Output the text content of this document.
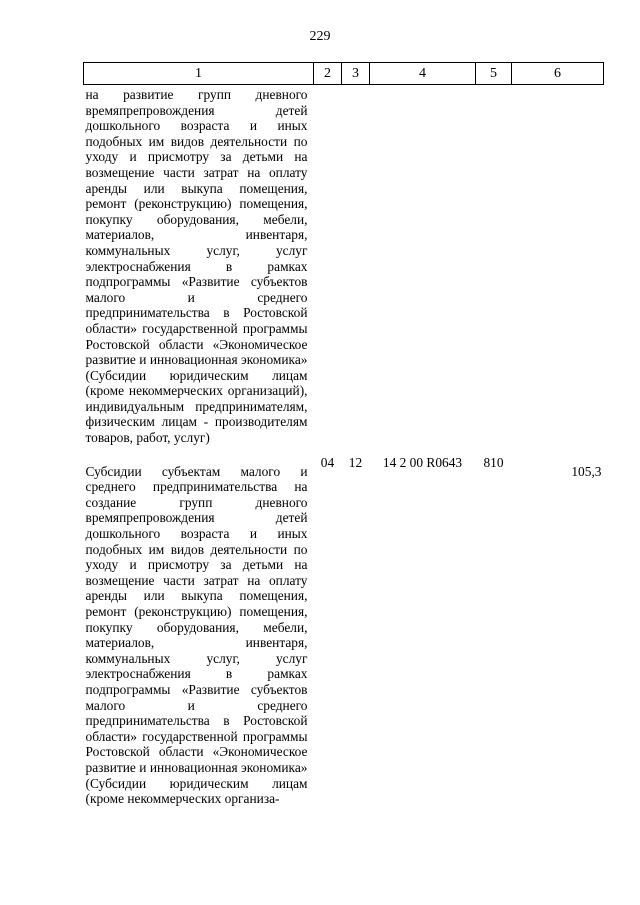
229
1	2	3	4	5	6
на развитие групп дневного времяпрепровождения детей дошкольного возраста и иных подобных им видов деятельности по уходу и присмотру за детьми на возмещение части затрат на оплату аренды или выкупа помещения, ремонт (реконструкцию) помещения, покупку оборудования, мебели, материалов, инвентаря, коммунальных услуг, услуг электроснабжения в рамках подпрограммы «Развитие субъектов малого и среднего предпринимательства в Ростовской области» государственной программы Ростовской области «Экономическое развитие и инновационная экономика» (Субсидии юридическим лицам (кроме некоммерческих организаций), индивидуальным предпринимателям, физическим лицам - производителям товаров, работ, услуг)					
Субсидии субъектам малого и среднего предпринимательства на создание групп дневного времяпрепровождения детей дошкольного возраста и иных подобных им видов деятельности по уходу и присмотру за детьми на возмещение части затрат на оплату аренды или выкупа помещения, ремонт (реконструкцию) помещения, покупку оборудования, мебели, материалов, инвентаря, коммунальных услуг, услуг электроснабжения в рамках подпрограммы «Развитие субъектов малого и среднего предпринимательства в Ростовской области» государственной программы Ростовской области «Экономическое развитие и инновационная экономика» (Субсидии юридическим лицам (кроме некоммерческих организа-	04	12	14 2 00 R0643	810	105,3
